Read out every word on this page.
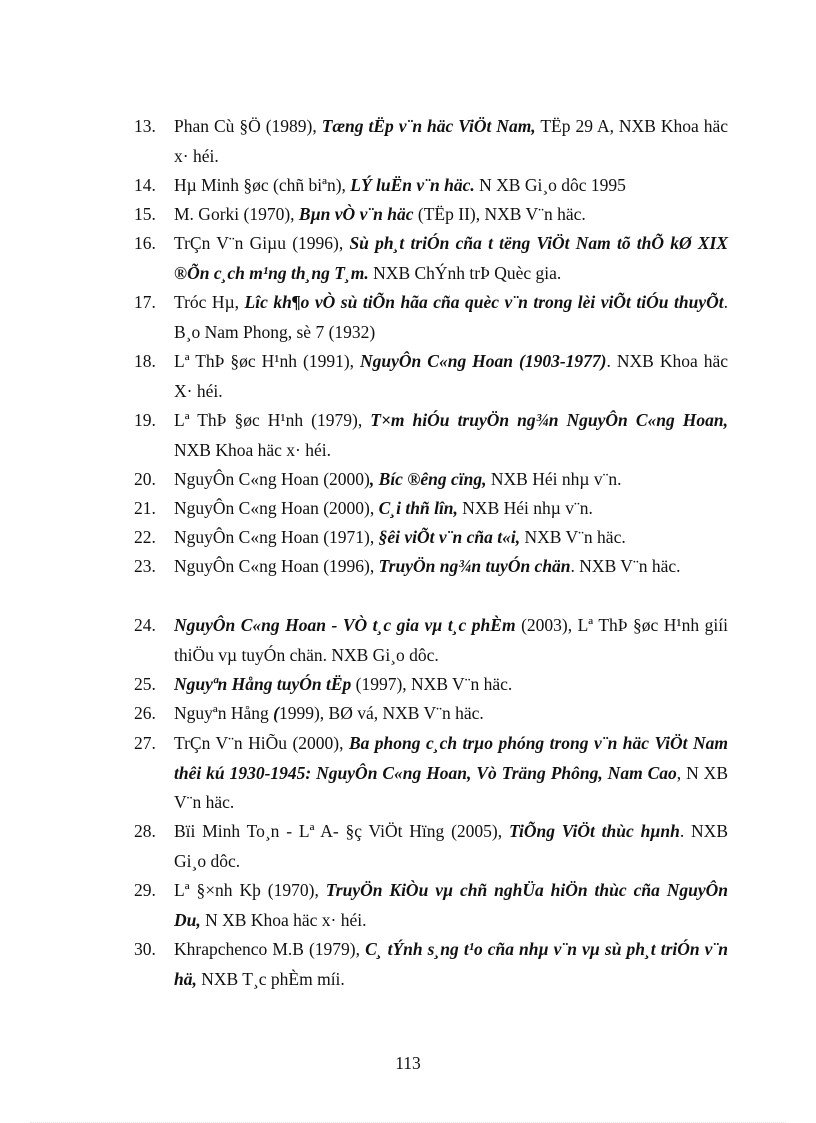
13.	Phan Cù §Ö (1989), Tæng tËp v¨n häc ViÖt Nam, TËp 29 A, NXB Khoa häc x· héi.
14.	Hµ Minh §øc (chñ biªn), LÝ luËn v¨n häc. N XB Gi¸o dôc 1995
15.	M. Gorki (1970), Bµn vÒ v¨n häc (TËp II), NXB V¨n häc.
16.	TrÇn V¨n Giµu (1996), Sù ph¸t triÓn cña t tëng ViÖt Nam tõ thÕ kØ XIX ®Õn c¸ch m¹ng th¸ng T¸m. NXB ChÝnh trÞ Quèc gia.
17.	Tróc Hµ, Lîc kh¶o vÒ sù tiÕn hãa cña quèc v¨n trong lèi viÕt tiÓu thuyÕt. B¸o Nam Phong, sè 7 (1932)
18.	Lª ThÞ §øc H¹nh (1991), NguyÔn C«ng Hoan (1903-1977). NXB Khoa häc X· héi.
19.	Lª ThÞ §øc H¹nh (1979), T×m hiÓu truyÖn ng¾n NguyÔn C«ng Hoan, NXB Khoa häc x· héi.
20.	NguyÔn C«ng Hoan (2000), Bíc ®êng cïng, NXB Héi nhµ v¨n.
21.	NguyÔn C«ng Hoan (2000), C¸i thñ lîn, NXB Héi nhµ v¨n.
22.	NguyÔn C«ng Hoan (1971), §êi viÕt v¨n cña t«i, NXB V¨n häc.
23.	NguyÔn C«ng Hoan (1996), TruyÖn ng¾n tuyÓn chän. NXB V¨n häc.
24.	NguyÔn C«ng Hoan - VÒ t¸c gia vµ t¸c phÈm (2003), Lª ThÞ §øc H¹nh giíi thiÖu vµ tuyÓn chän. NXB Gi¸o dôc.
25.	Nguyªn Hång tuyÓn tËp (1997), NXB V¨n häc.
26.	Nguyªn Hång (1999), BØ vá, NXB V¨n häc.
27.	TrÇn V¨n HiÕu (2000), Ba phong c¸ch trµo phóng trong v¨n häc ViÖt Nam thêi kú 1930-1945: NguyÔn C«ng Hoan, Vò Träng Phông, Nam Cao, N XB V¨n häc.
28.	Bïi Minh To¸n - Lª A- §ç ViÖt Hïng (2005), TiÕng ViÖt thùc hµnh. NXB Gi¸o dôc.
29.	Lª §×nh Kþ (1970), TruyÖn KiÒu vµ chñ nghÜa hiÖn thùc cña NguyÔn Du, N XB Khoa häc x· héi.
30.	Khrapchenco M.B (1979), C¸ tÝnh s¸ng t¹o cña nhµ v¨n vµ sù ph¸t triÓn v¨n hä, NXB T¸c phÈm míi.
113
